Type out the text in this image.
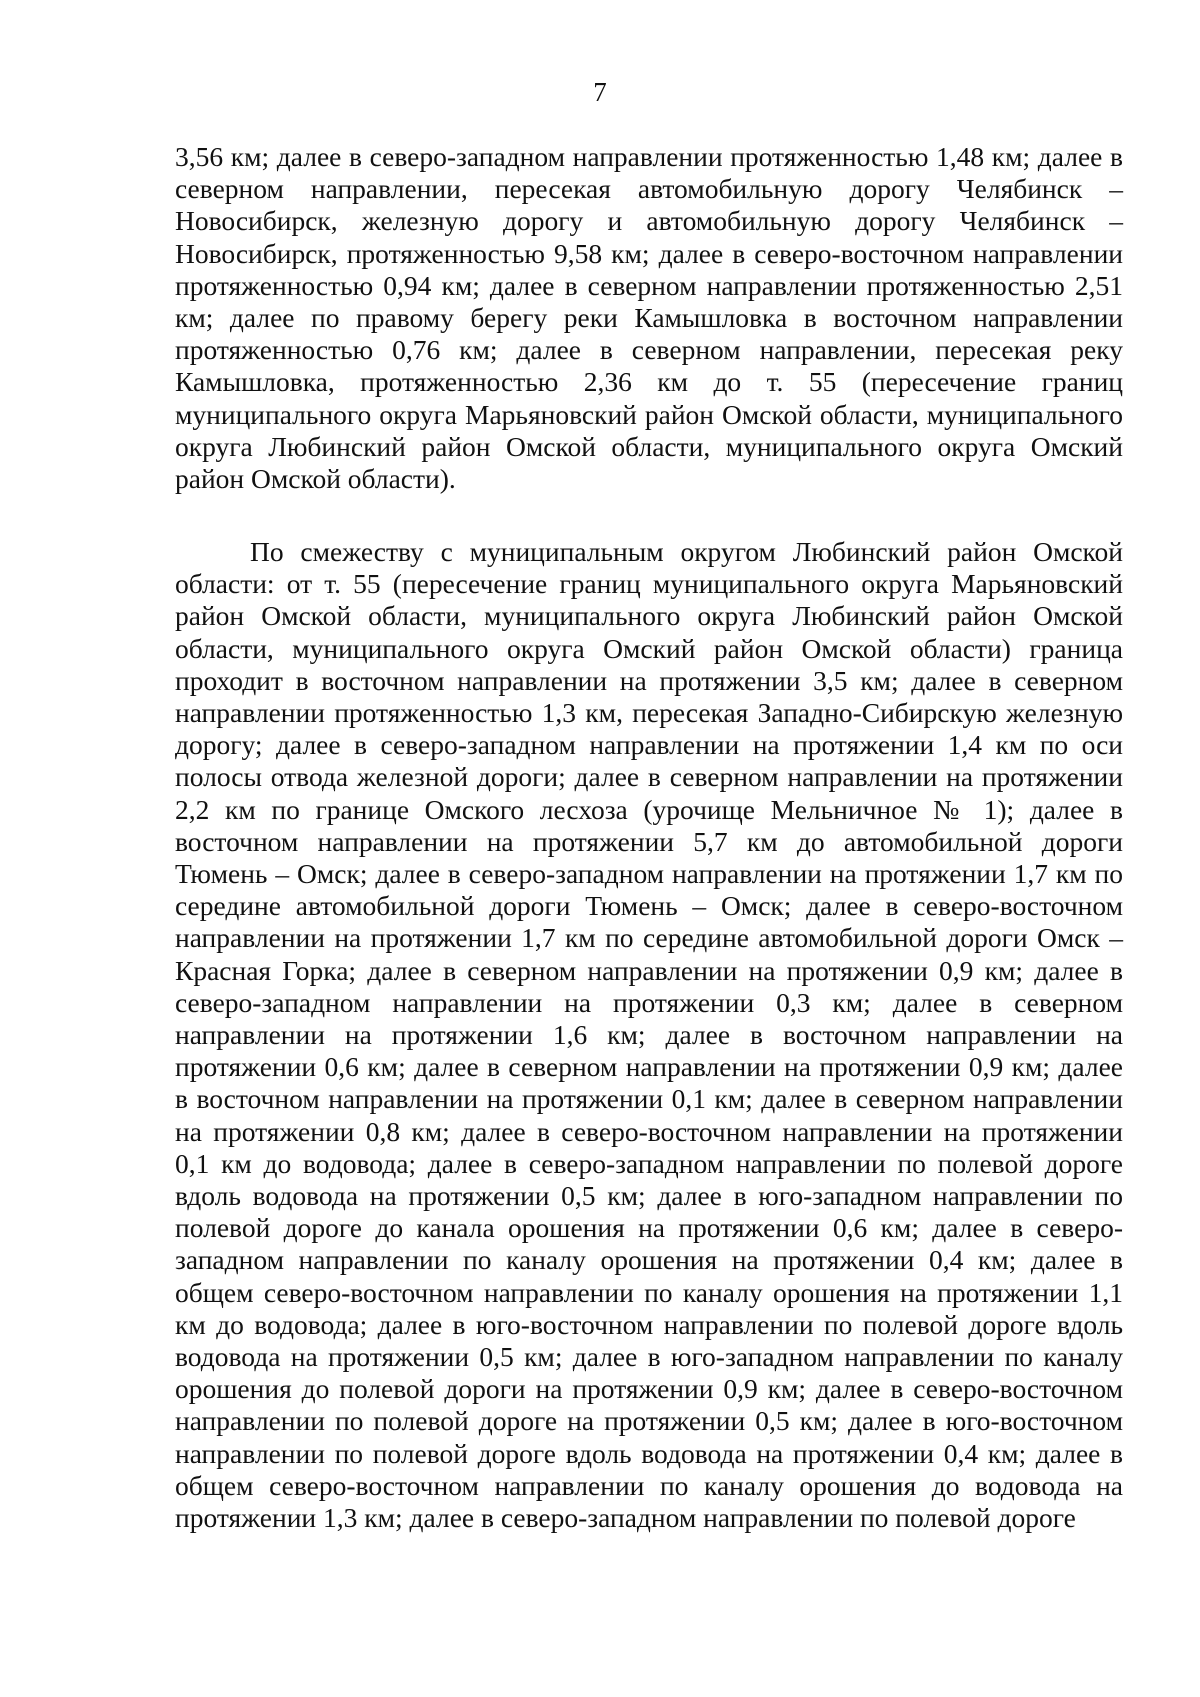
7

3,56 км; далее в северо-западном направлении протяженностью 1,48 км; далее в северном направлении, пересекая автомобильную дорогу Челябинск – Новосибирск, железную дорогу и автомобильную дорогу Челябинск – Новосибирск, протяженностью 9,58 км; далее в северо-восточном направлении протяженностью 0,94 км; далее в северном направлении протяженностью 2,51 км; далее по правому берегу реки Камышловка в восточном направлении протяженностью 0,76 км; далее в северном направлении, пересекая реку Камышловка, протяженностью 2,36 км до т. 55 (пересечение границ муниципального округа Марьяновский район Омской области, муниципального округа Любинский район Омской области, муниципального округа Омский район Омской области).

По смежеству с муниципальным округом Любинский район Омской области: от т. 55 (пересечение границ муниципального округа Марьяновский район Омской области, муниципального округа Любинский район Омской области, муниципального округа Омский район Омской области) граница проходит в восточном направлении на протяжении 3,5 км; далее в северном направлении протяженностью 1,3 км, пересекая Западно-Сибирскую железную дорогу; далее в северо-западном направлении на протяжении 1,4 км по оси полосы отвода железной дороги; далее в северном направлении на протяжении 2,2 км по границе Омского лесхоза (урочище Мельничное № 1); далее в восточном направлении на протяжении 5,7 км до автомобильной дороги Тюмень – Омск; далее в северо-западном направлении на протяжении 1,7 км по середине автомобильной дороги Тюмень – Омск; далее в северо-восточном направлении на протяжении 1,7 км по середине автомобильной дороги Омск – Красная Горка; далее в северном направлении на протяжении 0,9 км; далее в северо-западном направлении на протяжении 0,3 км; далее в северном направлении на протяжении 1,6 км; далее в восточном направлении на протяжении 0,6 км; далее в северном направлении на протяжении 0,9 км; далее в восточном направлении на протяжении 0,1 км; далее в северном направлении на протяжении 0,8 км; далее в северо-восточном направлении на протяжении 0,1 км до водовода; далее в северо-западном направлении по полевой дороге вдоль водовода на протяжении 0,5 км; далее в юго-западном направлении по полевой дороге до канала орошения на протяжении 0,6 км; далее в северо-западном направлении по каналу орошения на протяжении 0,4 км; далее в общем северо-восточном направлении по каналу орошения на протяжении 1,1 км до водовода; далее в юго-восточном направлении по полевой дороге вдоль водовода на протяжении 0,5 км; далее в юго-западном направлении по каналу орошения до полевой дороги на протяжении 0,9 км; далее в северо-восточном направлении по полевой дороге на протяжении 0,5 км; далее в юго-восточном направлении по полевой дороге вдоль водовода на протяжении 0,4 км; далее в общем северо-восточном направлении по каналу орошения до водовода на протяжении 1,3 км; далее в северо-западном направлении по полевой дороге
